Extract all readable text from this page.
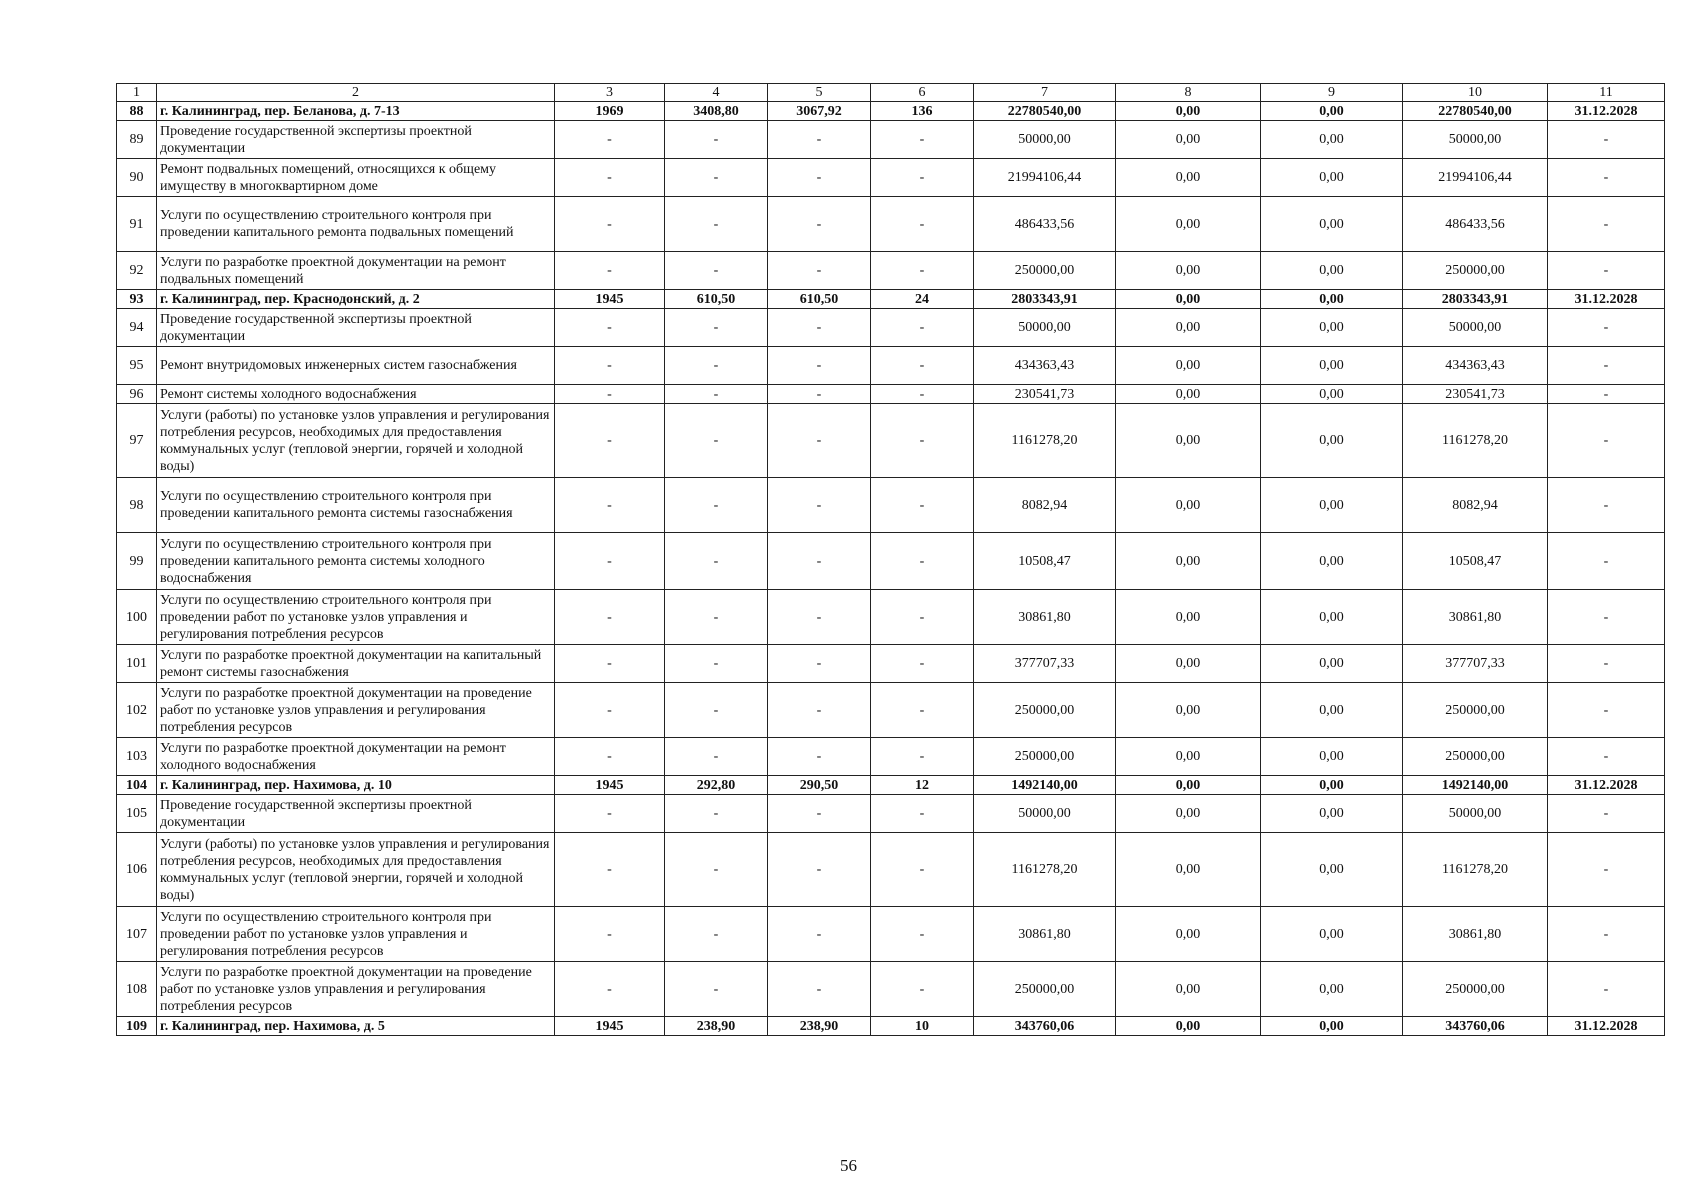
1	2	3	4	5	6	7	8	9	10	11
88	г. Калининград, пер. Беланова, д. 7-13	1969	3408,80	3067,92	136	22780540,00	0,00	0,00	22780540,00	31.12.2028
89	Проведение государственной экспертизы проектной документации	-	-	-	-	50000,00	0,00	0,00	50000,00	-
90	Ремонт подвальных помещений, относящихся к общему имуществу в многоквартирном доме	-	-	-	-	21994106,44	0,00	0,00	21994106,44	-
91	Услуги по осуществлению строительного контроля при проведении капитального ремонта подвальных помещений	-	-	-	-	486433,56	0,00	0,00	486433,56	-
92	Услуги по разработке проектной документации на ремонт подвальных помещений	-	-	-	-	250000,00	0,00	0,00	250000,00	-
93	г. Калининград, пер. Краснодонский, д. 2	1945	610,50	610,50	24	2803343,91	0,00	0,00	2803343,91	31.12.2028
94	Проведение государственной экспертизы проектной документации	-	-	-	-	50000,00	0,00	0,00	50000,00	-
95	Ремонт внутридомовых инженерных систем газоснабжения	-	-	-	-	434363,43	0,00	0,00	434363,43	-
96	Ремонт системы холодного водоснабжения	-	-	-	-	230541,73	0,00	0,00	230541,73	-
97	Услуги (работы) по установке узлов управления и регулирования потребления ресурсов, необходимых для предоставления коммунальных услуг (тепловой энергии, горячей и холодной воды)	-	-	-	-	1161278,20	0,00	0,00	1161278,20	-
98	Услуги по осуществлению строительного контроля при проведении капитального ремонта системы газоснабжения	-	-	-	-	8082,94	0,00	0,00	8082,94	-
99	Услуги по осуществлению строительного контроля при проведении капитального ремонта системы холодного водоснабжения	-	-	-	-	10508,47	0,00	0,00	10508,47	-
100	Услуги по осуществлению строительного контроля при проведении работ по установке узлов управления и регулирования потребления ресурсов	-	-	-	-	30861,80	0,00	0,00	30861,80	-
101	Услуги по разработке проектной документации на капитальный ремонт системы газоснабжения	-	-	-	-	377707,33	0,00	0,00	377707,33	-
102	Услуги по разработке проектной документации на проведение работ по установке узлов управления и регулирования потребления ресурсов	-	-	-	-	250000,00	0,00	0,00	250000,00	-
103	Услуги по разработке проектной документации на ремонт холодного водоснабжения	-	-	-	-	250000,00	0,00	0,00	250000,00	-
104	г. Калининград, пер. Нахимова, д. 10	1945	292,80	290,50	12	1492140,00	0,00	0,00	1492140,00	31.12.2028
105	Проведение государственной экспертизы проектной документации	-	-	-	-	50000,00	0,00	0,00	50000,00	-
106	Услуги (работы) по установке узлов управления и регулирования потребления ресурсов, необходимых для предоставления коммунальных услуг (тепловой энергии, горячей и холодной воды)	-	-	-	-	1161278,20	0,00	0,00	1161278,20	-
107	Услуги по осуществлению строительного контроля при проведении работ по установке узлов управления и регулирования потребления ресурсов	-	-	-	-	30861,80	0,00	0,00	30861,80	-
108	Услуги по разработке проектной документации на проведение работ по установке узлов управления и регулирования потребления ресурсов	-	-	-	-	250000,00	0,00	0,00	250000,00	-
109	г. Калининград, пер. Нахимова, д. 5	1945	238,90	238,90	10	343760,06	0,00	0,00	343760,06	31.12.2028
56
